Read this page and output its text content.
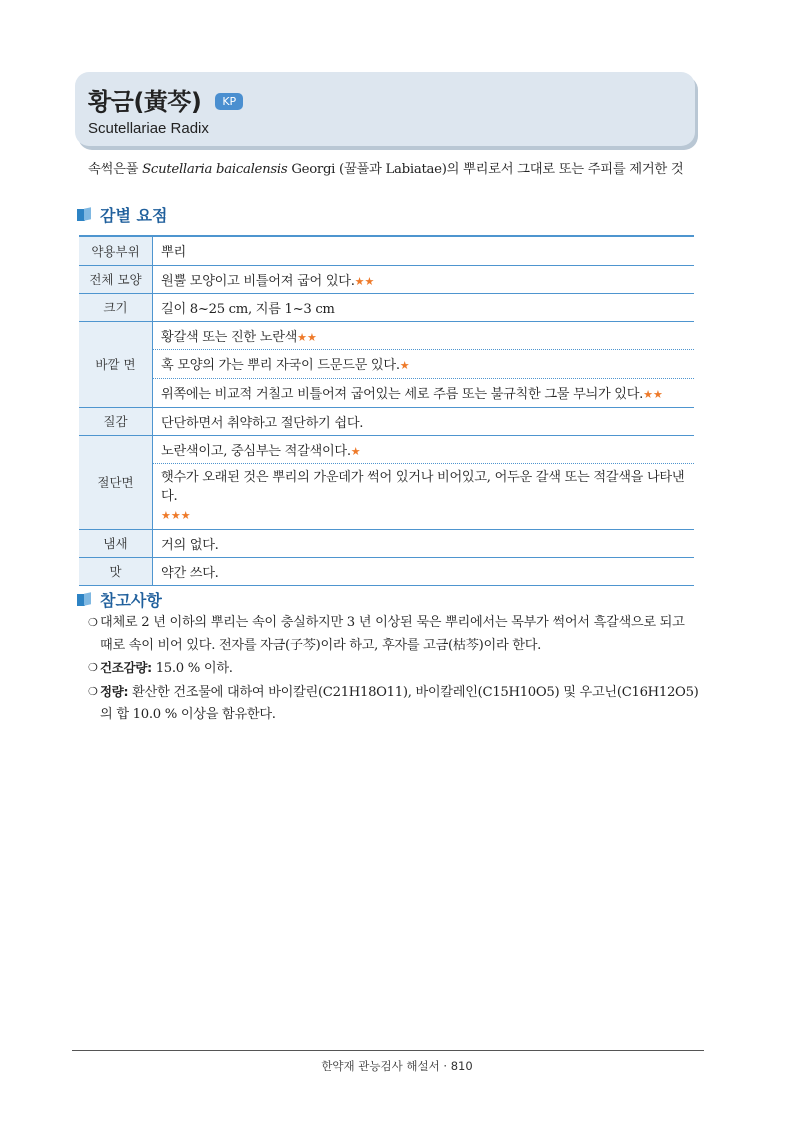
황금(黃芩)	KP
Scutellariae Radix
속썩은풀 Scutellaria baicalensis Georgi (꿀풀과 Labiatae)의 뿌리로서 그대로 또는 주피를 제거한 것
감별 요점
약용부위	뿌리
전체 모양	원뿔 모양이고 비틀어져 굽어 있다.★★
크기	길이 8~25 cm, 지름 1~3 cm
바깥 면	황갈색 또는 진한 노란색★★
	혹 모양의 가는 뿌리 자국이 드문드문 있다.★
	위쪽에는 비교적 거칠고 비틀어져 굽어있는 세로 주름 또는 불규칙한 그물 무늬가 있다.★★
질감	단단하면서 취약하고 절단하기 쉽다.
절단면	노란색이고, 중심부는 적갈색이다.★
	햇수가 오래된 것은 뿌리의 가운데가 썩어 있거나 비어있고, 어두운 갈색 또는 적갈색을 나타낸다.
★★★
냄새	거의 없다.
맛	약간 쓰다.
참고사항
❍ 대체로 2 년 이하의 뿌리는 속이 충실하지만 3 년 이상된 묵은 뿌리에서는 목부가 썩어서 흑갈색으로 되고 때로 속이 비어 있다. 전자를 자금(子芩)이라 하고, 후자를 고금(枯芩)이라 한다.
❍ 건조감량: 15.0 % 이하.
❍ 정량: 환산한 건조물에 대하여 바이칼린(C21H18O11), 바이칼레인(C15H10O5) 및 우고닌(C16H12O5)의 합 10.0 % 이상을 함유한다.
한약재 관능검사 해설서 · 810
